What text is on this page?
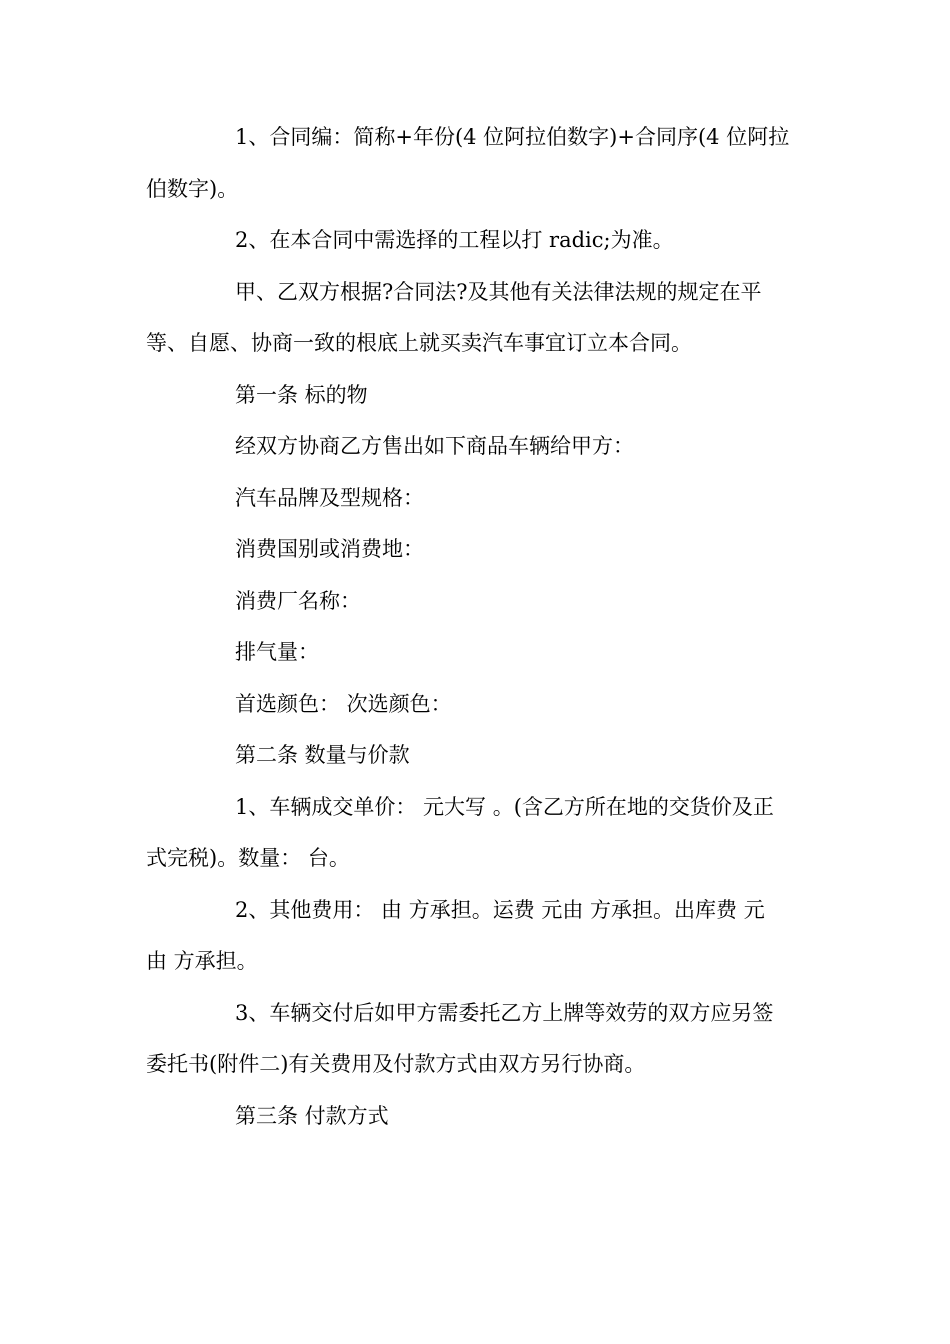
1、合同编：简称+年份(4 位阿拉伯数字)+合同序(4 位阿拉
伯数字)。
2、在本合同中需选择的工程以打 radic;为准。
甲、乙双方根据?合同法?及其他有关法律法规的规定在平
等、自愿、协商一致的根底上就买卖汽车事宜订立本合同。
第一条 标的物
经双方协商乙方售出如下商品车辆给甲方：
汽车品牌及型规格：
消费国别或消费地：
消费厂名称：
排气量：
首选颜色： 次选颜色：
第二条 数量与价款
1、车辆成交单价： 元大写 。(含乙方所在地的交货价及正
式完税)。数量： 台。
2、其他费用： 由 方承担。运费 元由 方承担。出库费 元
由 方承担。
3、车辆交付后如甲方需委托乙方上牌等效劳的双方应另签
委托书(附件二)有关费用及付款方式由双方另行协商。
第三条 付款方式
